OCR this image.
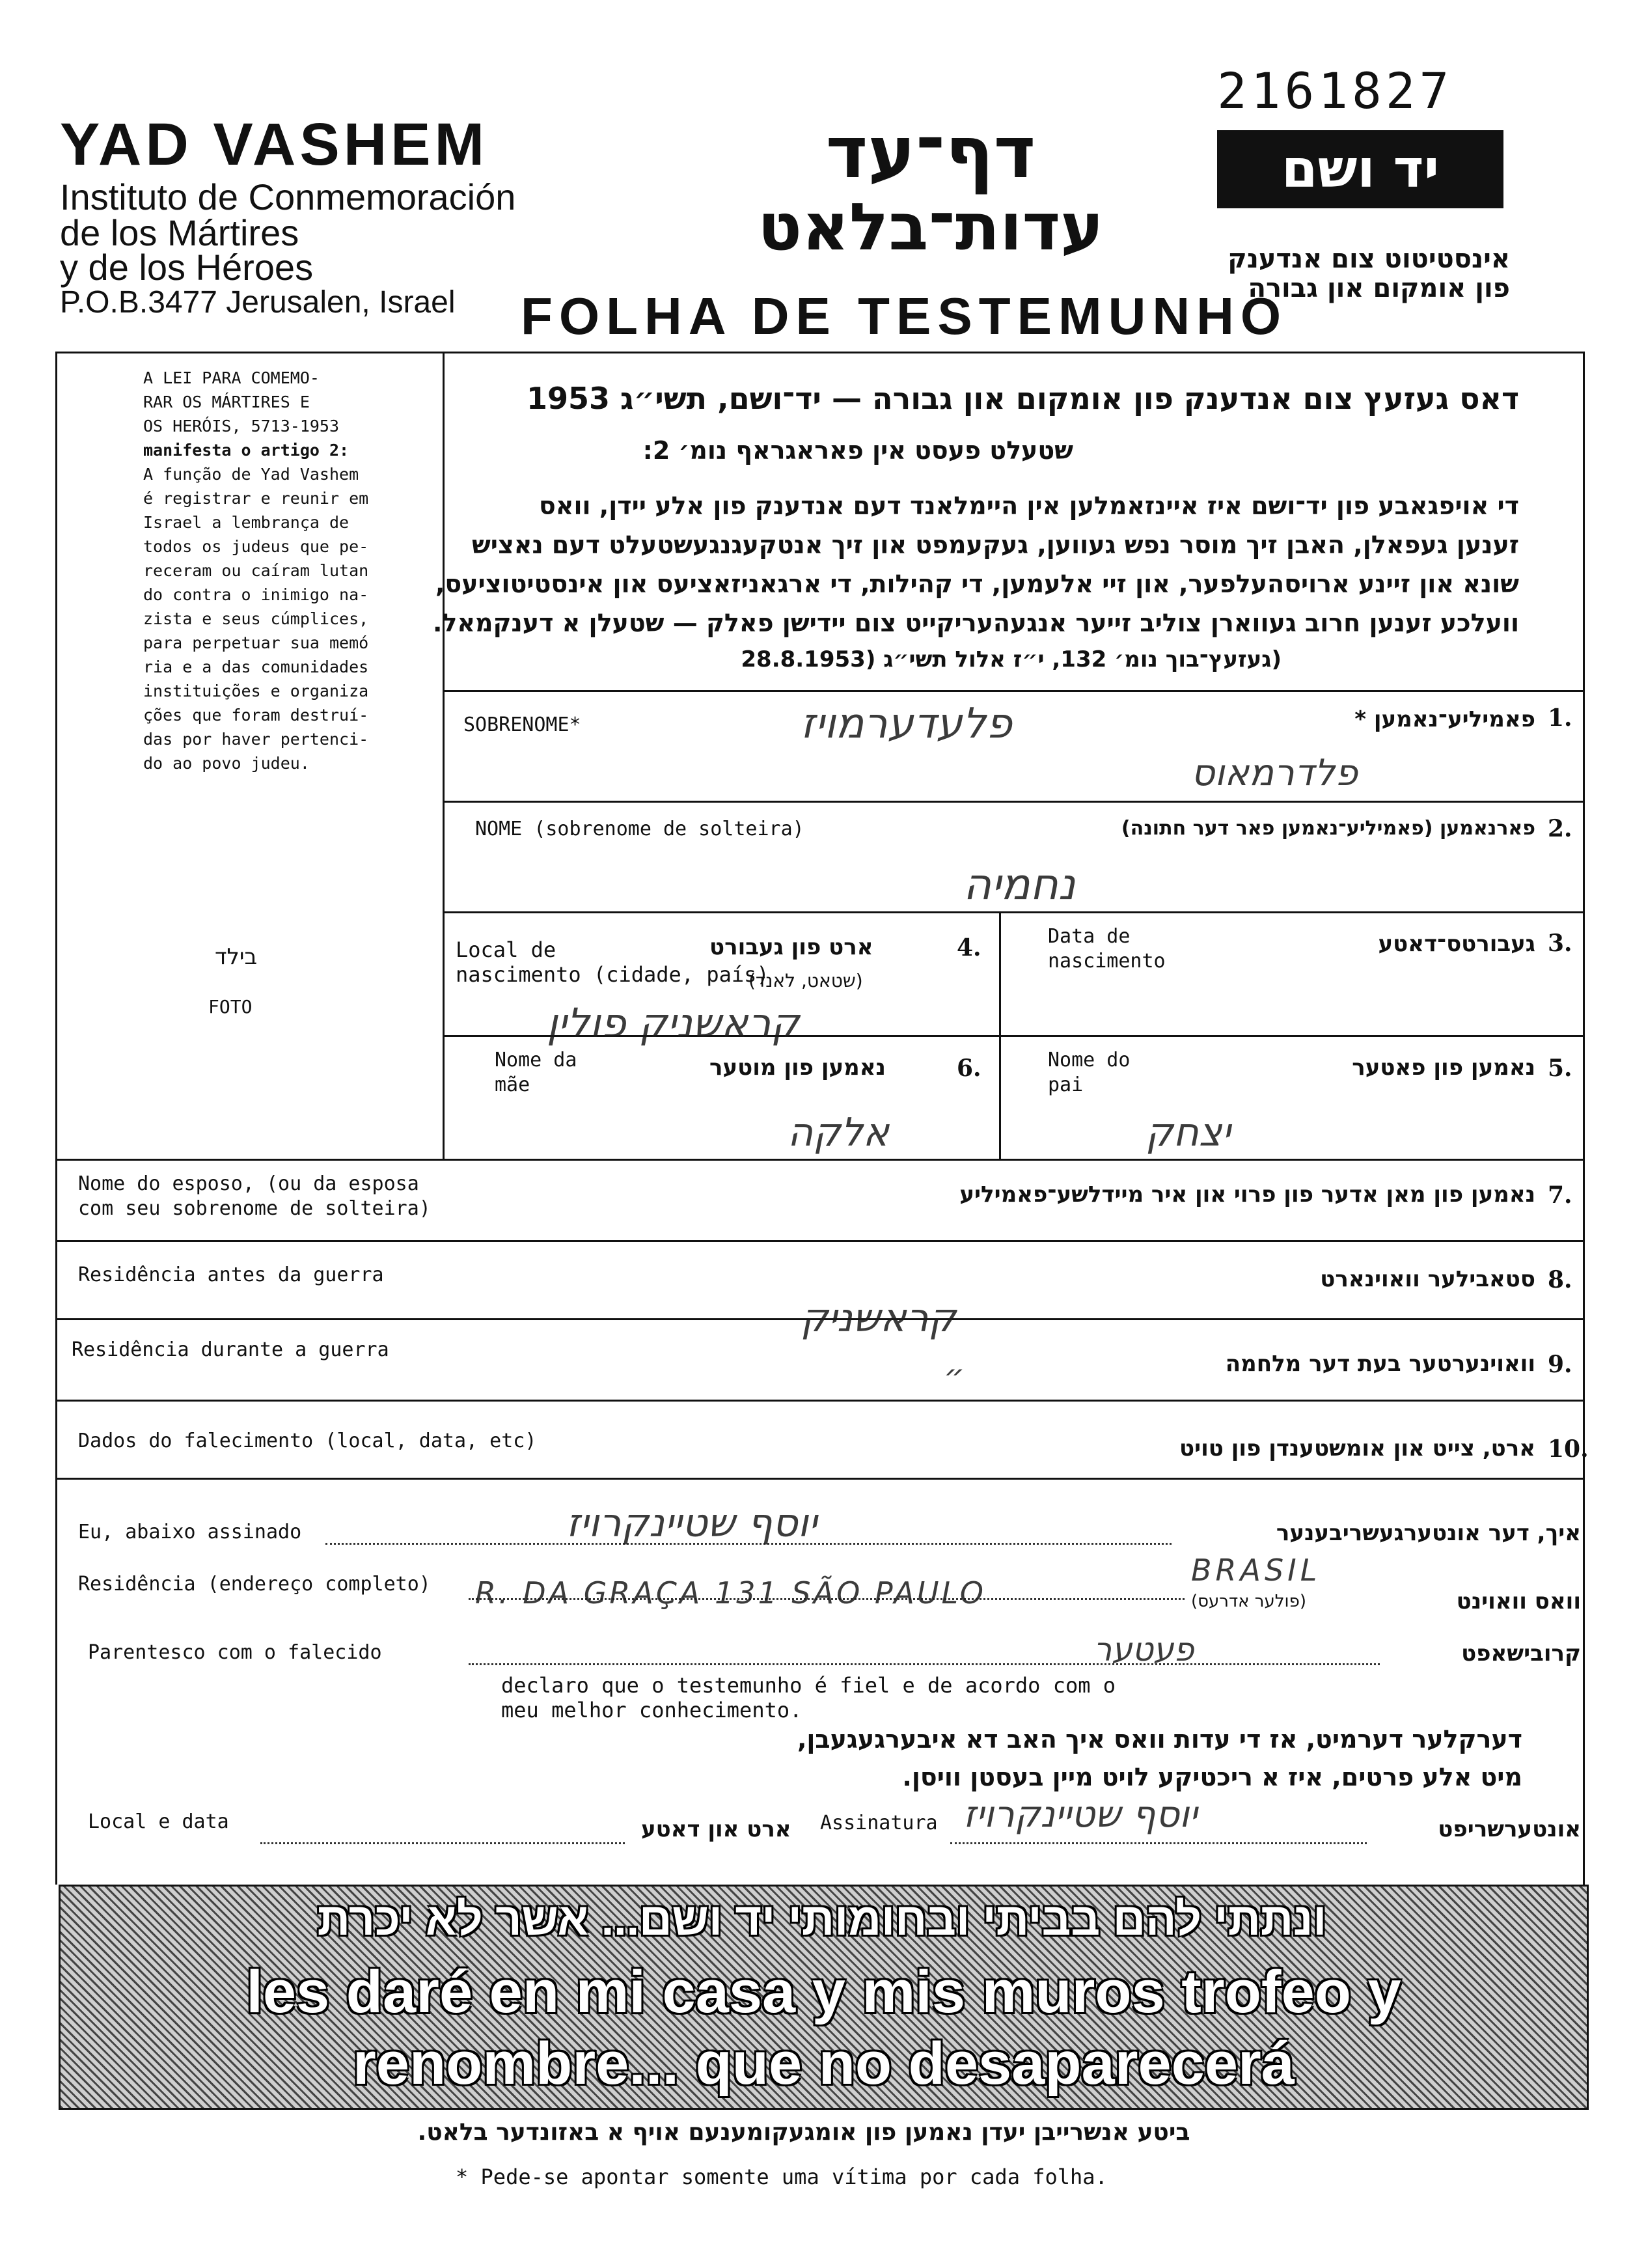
2161827
YAD VASHEM
Instituto de Conmemoración
de los Mártires
y de los Héroes
P.O.B.3477 Jerusalen, Israel
דף־עד
עדות־בלאט
FOLHA DE TESTEMUNHO
יד ושם
אינסטיטוט צום אנדענק
פון אומקום און גבורה
A LEI PARA COMEMO-
RAR OS MÁRTIRES E
OS HERÓIS, 5713-1953
manifesta o artigo 2:
A função de Yad Vashem
é registrar e reunir em
Israel a lembrança de
todos os judeus que pe-
receram ou caíram lutan
do contra o inimigo na-
zista e seus cúmplices,
para perpetuar sua memó
ria e a das comunidades
instituições e organiza
ções que foram destruí-
das por haver pertenci-
do ao povo judeu.
בילד
FOTO
דאס געזעץ צום אנדענק פון אומקום און גבורה — יד־ושם, תשי״ג 1953
שטעלט פעסט אין פאראגראף נומ׳ 2:
די אויפגאבע פון יד־ושם איז איינזאמלען אין היימלאנד דעם אנדענק פון אלע יידן, וואס
זענען געפאלן, האבן זיך מוסר נפש געווען, געקעמפט און זיך אנטקעגנגעשטעלט דעם נאציש
שונא און זיינע ארויסהעלפער, און זיי אלעמען, די קהילות, די ארגאניזאציעס און אינסטיטוציעס,
וועלכע זענען חרוב געווארן צוליב זייער אנגעהעריקייט צום יידישן פאלק — שטעלן א דענקמאל.
(געזעץ־בוך נומ׳ 132, י״ז אלול תשי״ג (28.8.1953
SOBRENOME*	פאמיליע־נאמען * 1.
פלעדערמויז
פלדרמאוס
NOME (sobrenome de solteira)	פארנאמען (פאמיליע־נאמען פאר דער חתונה) 2.
נחמיה
Data de
nascimento
געבורטס־דאטע 3.
Local de
nascimento (cidade, país)
ארט פון געבורט
(שטאט, לאנד)
4.
קראשניק פולין
Nome da
mãe
נאמען פון מוטער	6.
אלקה
Nome do
pai
נאמען פון פאטער 5.
יצחק
Nome do esposo, (ou da esposa
com seu sobrenome de solteira)
נאמען פון מאן אדער פון פרוי און איר מיידלשע־פאמיליע 7.
Residência antes da guerra	סטאבילער וואוינארט 8.
קראשניק
Residência durante a guerra
וואוינערטער בעת דער מלחמה 9.
״
Dados do falecimento (local, data, etc)	ארט, צייט און אומשטענדן פון טויט 10.
Eu, abaixo assinado	יוסף שטיינקרויז	איך, דער אונטערגעשריבענער
Residência (endereço completo) R. DA GRAÇA 131 SÃO PAULO
BRASIL
(פולער אדרעס)	וואס וואוינט
Parentesco com o falecido	פעטער	קרובישאפט
declaro que o testemunho é fiel e de acordo com o
meu melhor conhecimento.
דערקלער דערמיט, אז די עדות וואס איך האב דא איבערגעגעבן,
מיט אלע פרטים, איז א ריכטיקע לויט מיין בעסטן וויסן.
Local e data	ארט און דאטע Assinatura יוסף שטיינקרויז	אונטערשריפט
ונתתי להם בביתי ובחומותי יד ושם... אשר לא יכרת
les daré en mi casa y mis muros trofeo y
renombre... que no desaparecerá
ביטע אנשרייבן יעדן נאמען פון אומגעקומענעם אויף א באזונדער בלאט.
* Pede-se apontar somente uma vítima por cada folha.
